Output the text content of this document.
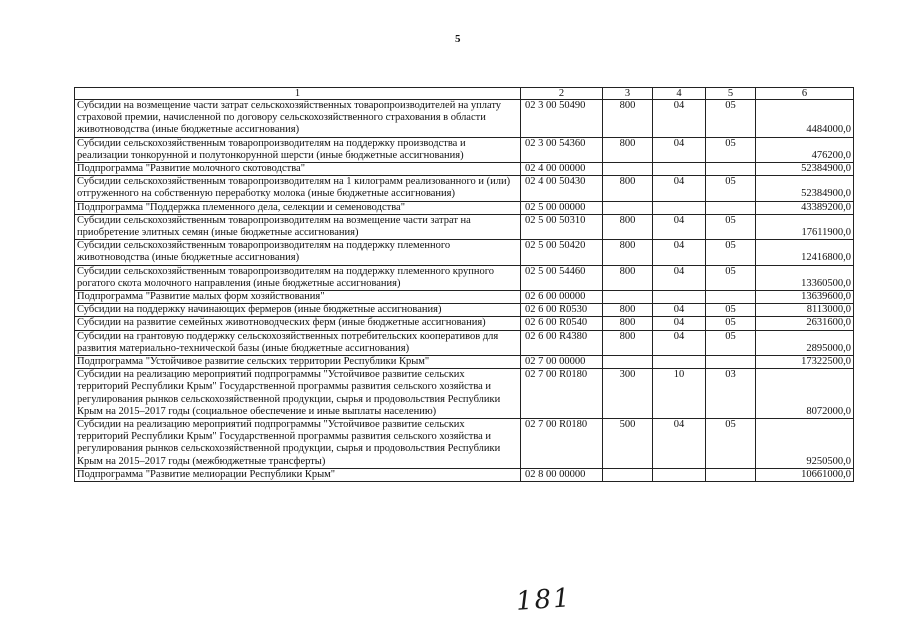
5
1	2	3	4	5	6
Субсидии на возмещение части затрат сельскохозяйственных товаропроизводителей на уплату страховой премии, начисленной по договору сельскохозяйственного страхования в области животноводства (иные бюджетные ассигнования)	02 3 00 50490	800	04	05	4484000,0
Субсидии сельскохозяйственным товаропроизводителям на поддержку производства и реализации тонкорунной и полутонкорунной шерсти (иные бюджетные ассигнования)	02 3 00 54360	800	04	05	476200,0
Подпрограмма "Развитие молочного скотоводства"	02 4 00 00000				52384900,0
Субсидии сельскохозяйственным товаропроизводителям на 1 килограмм реализованного и (или) отгруженного на собственную переработку молока (иные бюджетные ассигнования)	02 4 00 50430	800	04	05	52384900,0
Подпрограмма "Поддержка племенного дела, селекции и семеноводства"	02 5 00 00000				43389200,0
Субсидии сельскохозяйственным товаропроизводителям на возмещение части затрат на приобретение элитных семян (иные бюджетные ассигнования)	02 5 00 50310	800	04	05	17611900,0
Субсидии сельскохозяйственным товаропроизводителям на поддержку племенного животноводства (иные бюджетные ассигнования)	02 5 00 50420	800	04	05	12416800,0
Субсидии сельскохозяйственным товаропроизводителям на поддержку племенного крупного рогатого скота молочного направления (иные бюджетные ассигнования)	02 5 00 54460	800	04	05	13360500,0
Подпрограмма "Развитие малых форм хозяйствования"	02 6 00 00000				13639600,0
Субсидии на поддержку начинающих фермеров (иные бюджетные ассигнования)	02 6 00 R0530	800	04	05	8113000,0
Субсидии на развитие семейных животноводческих ферм (иные бюджетные ассигнования)	02 6 00 R0540	800	04	05	2631600,0
Субсидии на грантовую поддержку сельскохозяйственных потребительских кооперативов для развития материально-технической базы (иные бюджетные ассигнования)	02 6 00 R4380	800	04	05	2895000,0
Подпрограмма "Устойчивое развитие сельских территории Республики Крым"	02 7 00 00000				17322500,0
Субсидии на реализацию мероприятий подпрограммы "Устойчивое развитие сельских территорий Республики Крым" Государственной программы развития сельского хозяйства и регулирования рынков сельскохозяйственной продукции, сырья и продовольствия Республики Крым на 2015–2017 годы (социальное обеспечение и иные выплаты населению)	02 7 00 R0180	300	10	03	8072000,0
Субсидии на реализацию мероприятий подпрограммы "Устойчивое развитие сельских территорий Республики Крым" Государственной программы развития сельского хозяйства и регулирования рынков сельскохозяйственной продукции, сырья и продовольствия Республики Крым на 2015–2017 годы (межбюджетные трансферты)	02 7 00 R0180	500	04	05	9250500,0
Подпрограмма "Развитие мелиорации Республики Крым"	02 8 00 00000				10661000,0
181
